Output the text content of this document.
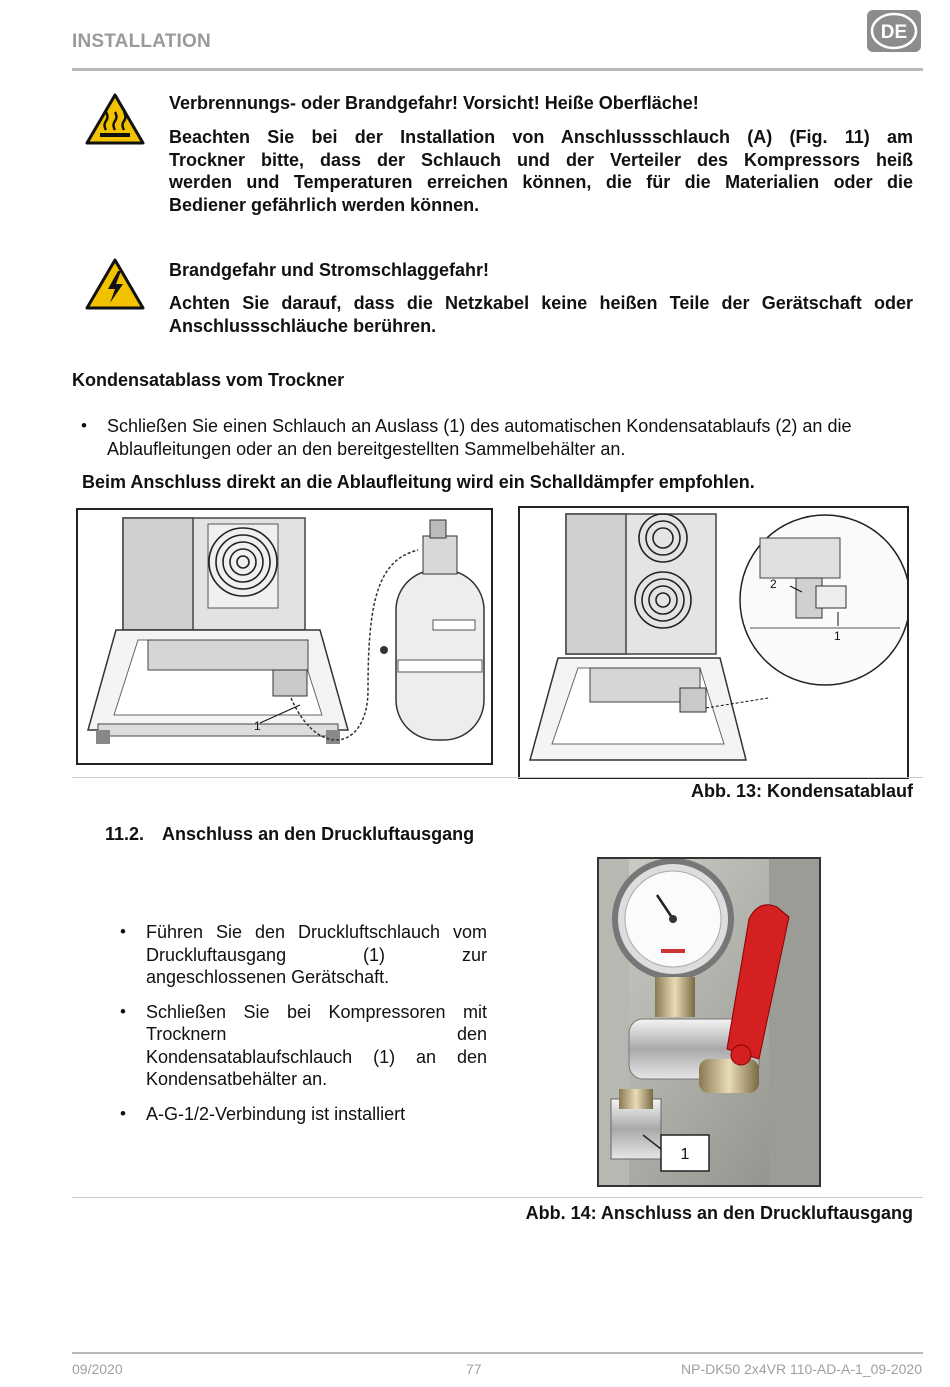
INSTALLATION	DE
Verbrennungs- oder Brandgefahr! Vorsicht! Heiße Oberfläche!
Beachten Sie bei der Installation von Anschlussschlauch (A) (Fig. 11) am
Trockner bitte, dass der Schlauch und der Verteiler des Kompressors heiß
werden und Temperaturen erreichen können, die für die Materialien oder die
Bediener gefährlich werden können.
Brandgefahr und Stromschlaggefahr!
Achten Sie darauf, dass die Netzkabel keine heißen Teile der Gerätschaft oder
Anschlussschläuche berühren.
Kondensatablass vom Trockner
• Schließen Sie einen Schlauch an Auslass (1) des automatischen Kondensatablaufs (2) an die
Ablaufleitungen oder an den bereitgestellten Sammelbehälter an.
Beim Anschluss direkt an die Ablaufleitung wird ein Schalldämpfer empfohlen.
1
2
1
Abb. 13: Kondensatablauf
11.2. Anschluss an den Druckluftausgang
• Führen Sie den Druckluftschlauch vom
Druckluftausgang (1) zur
angeschlossenen Gerätschaft.
• Schließen Sie bei Kompressoren mit
Trocknern den
Kondensatablaufschlauch (1) an den
Kondensatbehälter an.
• A-G-1/2-Verbindung ist installiert
1
Abb. 14: Anschluss an den Druckluftausgang
09/2020	77	NP-DK50 2x4VR 110-AD-A-1_09-2020
